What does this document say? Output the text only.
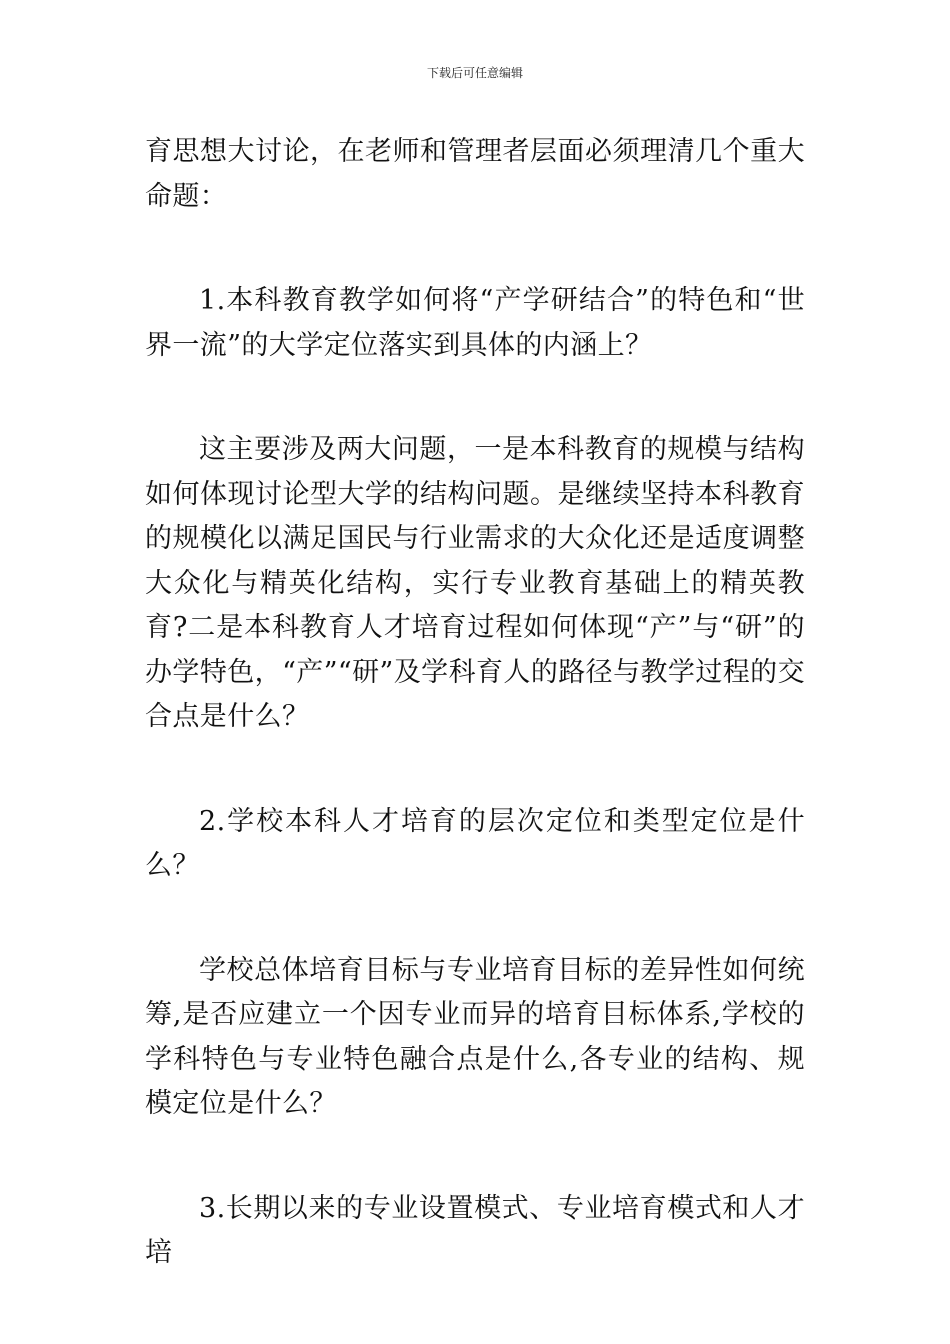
下载后可任意编辑

育思想大讨论，在老师和管理者层面必须理清几个重大命题：

1.本科教育教学如何将“产学研结合”的特色和“世界一流”的大学定位落实到具体的内涵上？

这主要涉及两大问题，一是本科教育的规模与结构如何体现讨论型大学的结构问题。是继续坚持本科教育的规模化以满足国民与行业需求的大众化还是适度调整大众化与精英化结构，实行专业教育基础上的精英教育?二是本科教育人才培育过程如何体现“产”与“研”的办学特色，“产”“研”及学科育人的路径与教学过程的交合点是什么？

2.学校本科人才培育的层次定位和类型定位是什么？

学校总体培育目标与专业培育目标的差异性如何统筹,是否应建立一个因专业而异的培育目标体系,学校的学科特色与专业特色融合点是什么,各专业的结构、规模定位是什么？

3.长期以来的专业设置模式、专业培育模式和人才培
